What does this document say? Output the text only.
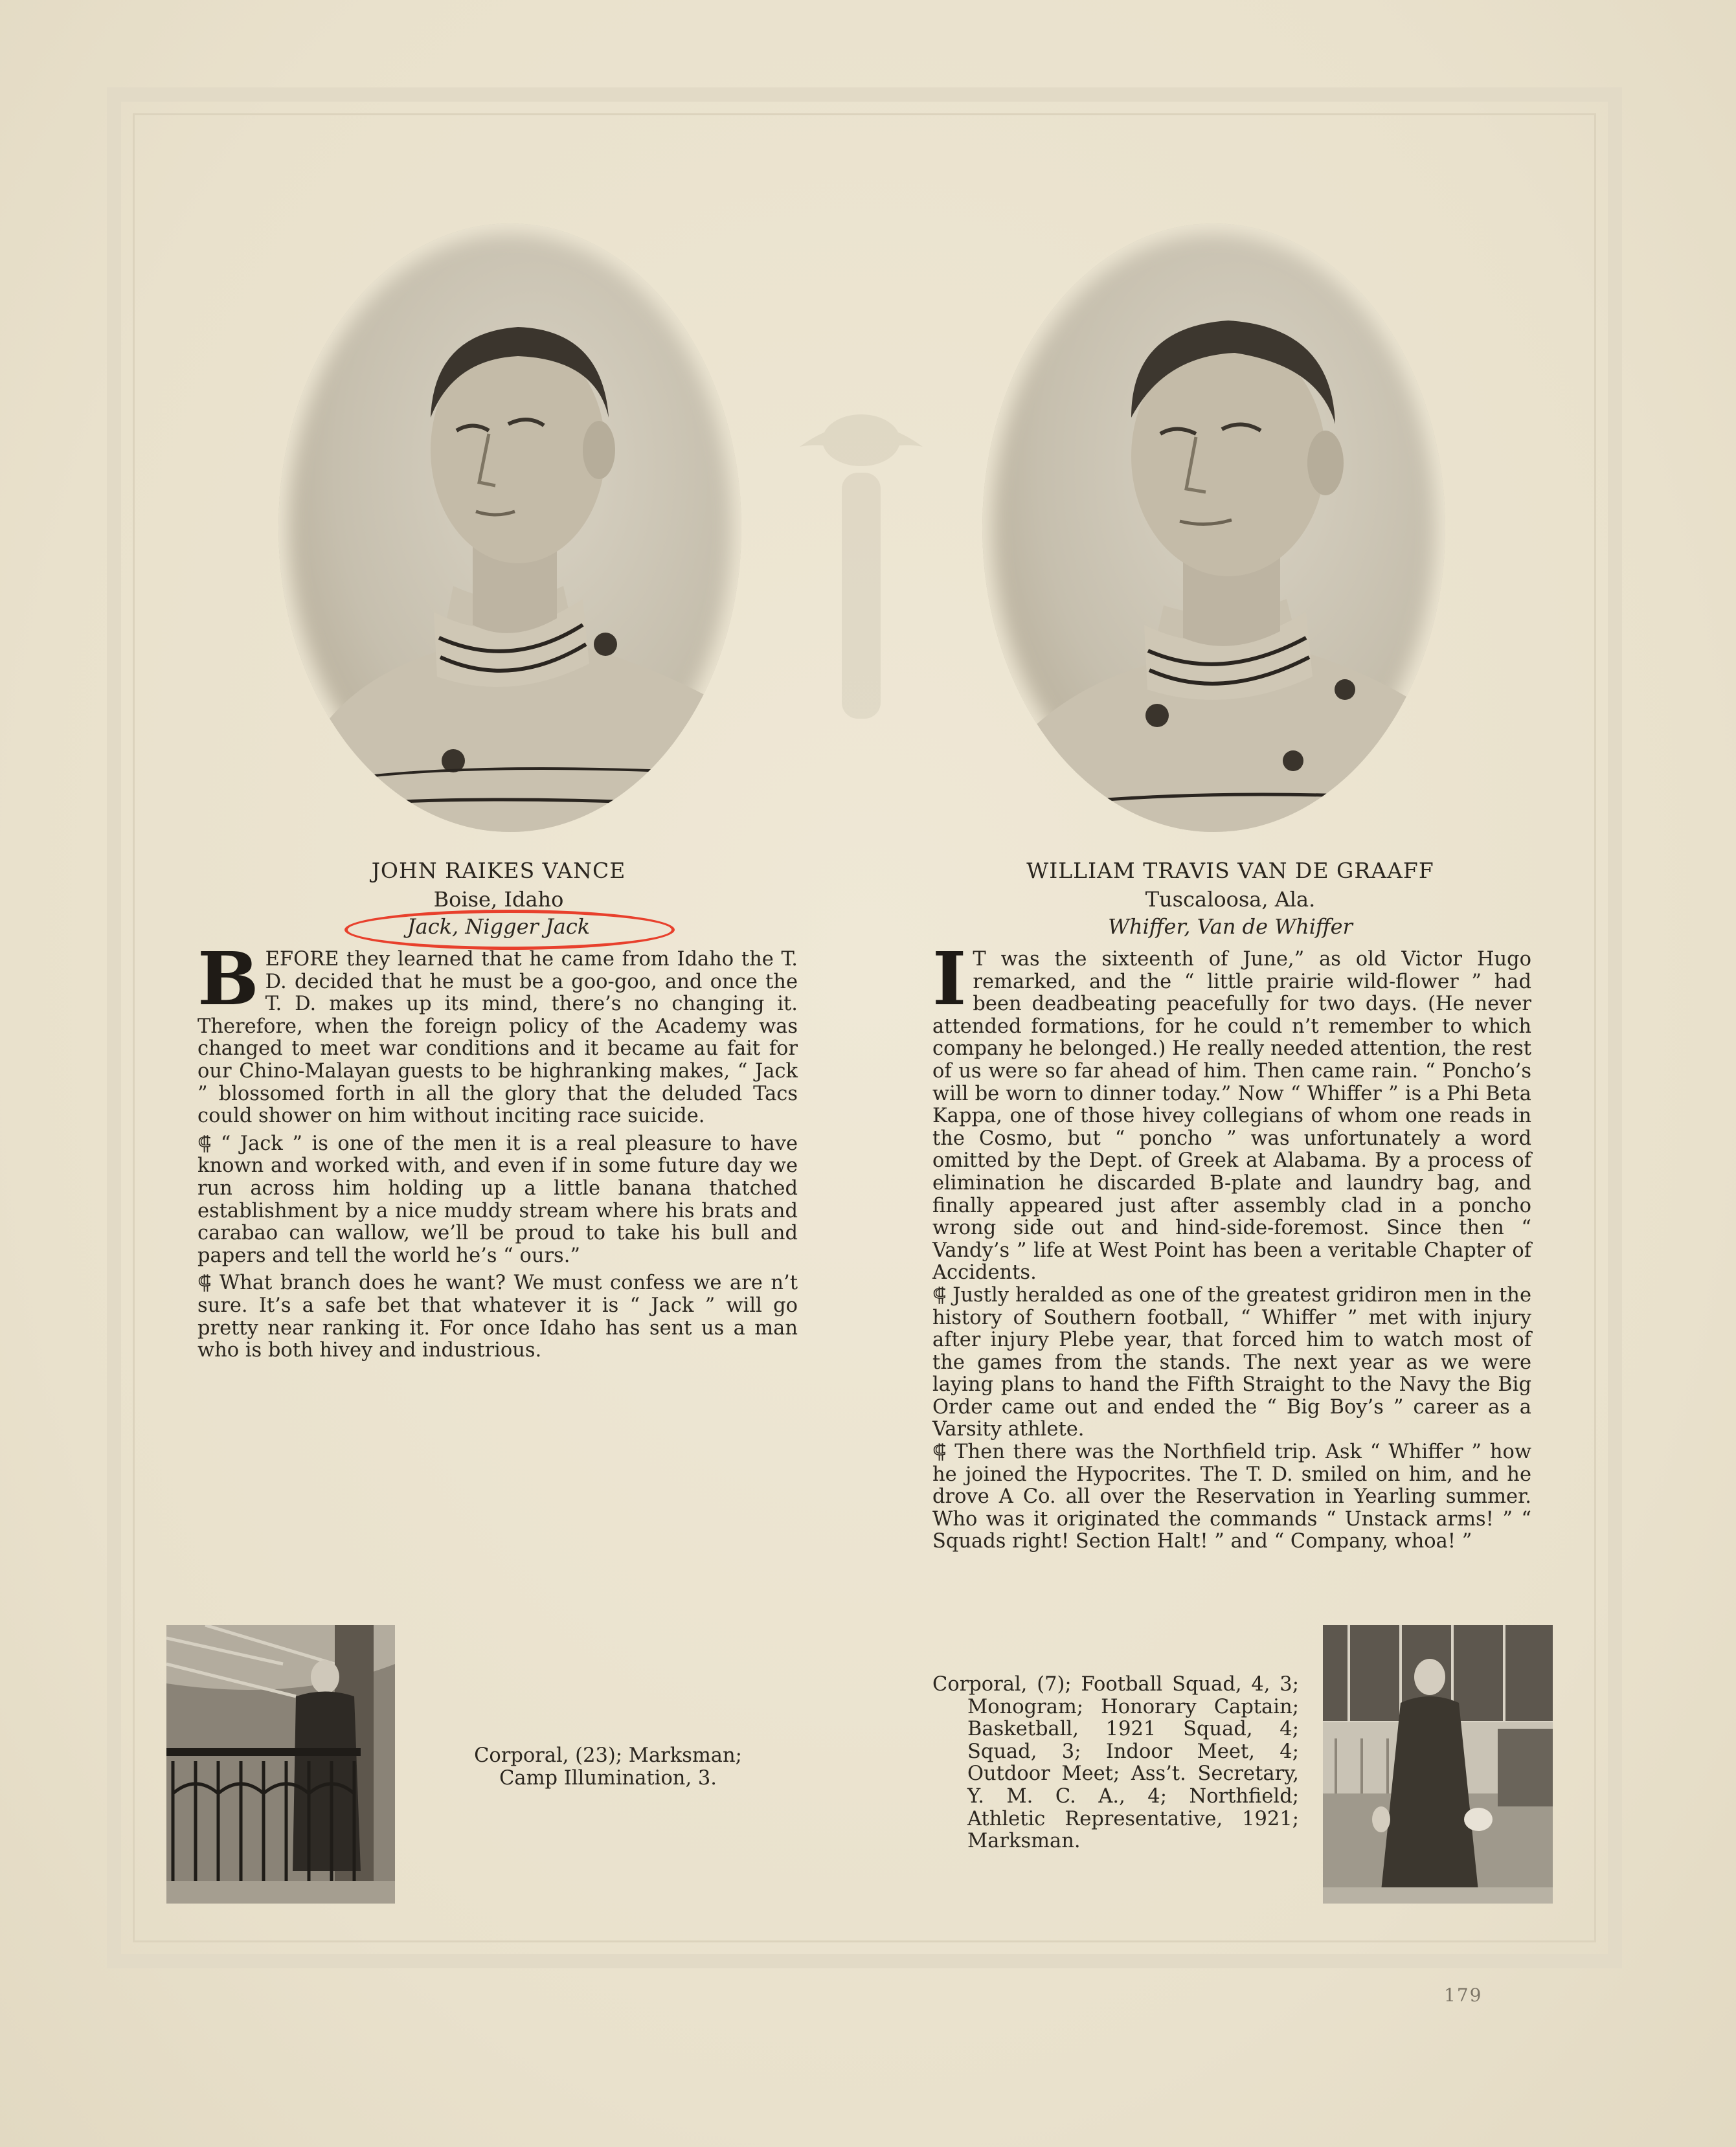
JOHN RAIKES VANCE
Boise, Idaho
Jack, Nigger Jack
WILLIAM TRAVIS VAN DE GRAAFF
Tuscaloosa, Ala.
Whiffer, Van de Whiffer

BEFORE they learned that he came from Idaho the T. D. decided that he must be a goo-goo, and once the T. D. makes up its mind, there’s no changing it. Therefore, when the foreign policy of the Academy was changed to meet war conditions and it became au fait for our Chino-Malayan guests to be highranking makes, “ Jack ” blossomed forth in all the glory that the deluded Tacs could shower on him without inciting race suicide.

⸿ “ Jack ” is one of the men it is a real pleasure to have known and worked with, and even if in some future day we run across him holding up a little banana thatched establishment by a nice muddy stream where his brats and carabao can wallow, we’ll be proud to take his bull and papers and tell the world he’s “ ours.”

⸿ What branch does he want? We must confess we are n’t sure. It’s a safe bet that whatever it is “ Jack ” will go pretty near ranking it. For once Idaho has sent us a man who is both hivey and industrious.

I T was the sixteenth of June,” as old Victor Hugo remarked, and the “ little prairie wild-flower ” had been deadbeating peacefully for two days. (He never attended formations, for he could n’t remember to which company he belonged.) He really needed attention, the rest of us were so far ahead of him. Then came rain. “ Poncho’s will be worn to dinner today.” Now “ Whiffer ” is a Phi Beta Kappa, one of those hivey collegians of whom one reads in the Cosmo, but “ poncho ” was unfortunately a word omitted by the Dept. of Greek at Alabama. By a process of elimination he discarded B-plate and laundry bag, and finally appeared just after assembly clad in a poncho wrong side out and hind-side-foremost. Since then “ Vandy’s ” life at West Point has been a veritable Chapter of Accidents.

⸿ Justly heralded as one of the greatest gridiron men in the history of Southern football, “ Whiffer ” met with injury after injury Plebe year, that forced him to watch most of the games from the stands. The next year as we were laying plans to hand the Fifth Straight to the Navy the Big Order came out and ended the “ Big Boy’s ” career as a Varsity athlete.

⸿ Then there was the Northfield trip. Ask “ Whiffer ” how he joined the Hypocrites. The T. D. smiled on him, and he drove A Co. all over the Reservation in Yearling summer. Who was it originated the commands “ Unstack arms! ” “ Squads right! Section Halt! ” and “ Company, whoa! ”

Corporal, (23); Marksman; Camp Illumination, 3.
Corporal, (7); Football Squad, 4, 3; Monogram; Honorary Captain; Basketball, 1921 Squad, 4; Squad, 3; Indoor Meet, 4; Outdoor Meet; Ass’t. Secretary, Y. M. C. A., 4; Northfield; Athletic Representative, 1921; Marksman.
179
